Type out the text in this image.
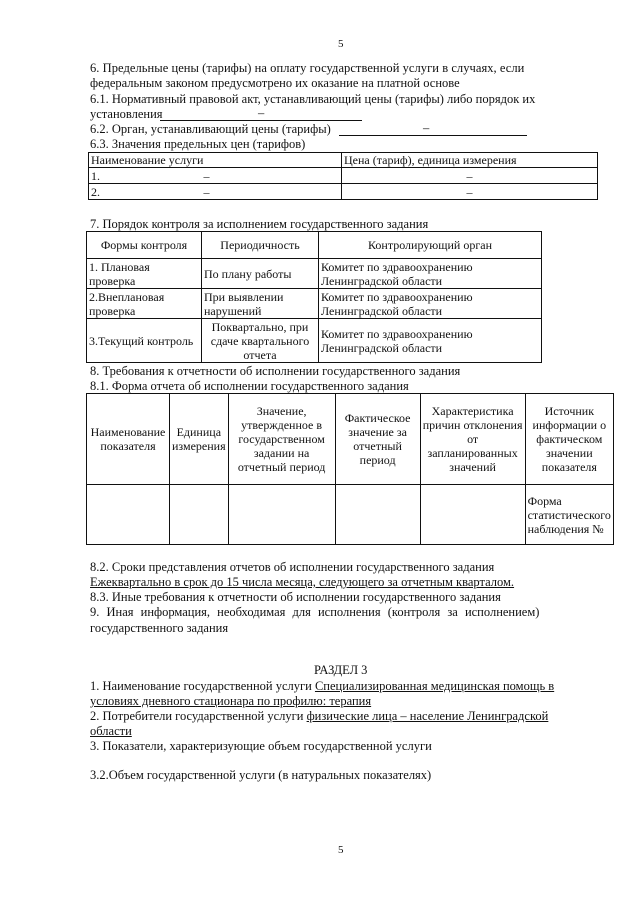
5
6. Предельные цены (тарифы) на оплату государственной услуги в случаях, если
федеральным законом предусмотрено их оказание на платной основе
6.1. Нормативный правовой акт, устанавливающий цены (тарифы) либо порядок их
установления	–
6.2. Орган, устанавливающий цены (тарифы)	–
6.3. Значения предельных цен (тарифов)
Наименование услуги	Цена (тариф), единица измерения
1. –	–
2. –	–
7. Порядок контроля за исполнением государственного задания
Формы контроля	Периодичность	Контролирующий орган
1. Плановая проверка	По плану работы	Комитет по здравоохранению Ленинградской области
2.Внеплановая проверка	При выявлении нарушений	Комитет по здравоохранению Ленинградской области
3.Текущий контроль	Поквартально, при сдаче квартального отчета	Комитет по здравоохранению Ленинградской области
8. Требования к отчетности об исполнении государственного задания
8.1. Форма отчета об исполнении государственного задания
Наименование показателя	Единица измерения	Значение, утвержденное в государственном задании на отчетный период	Фактическое значение за отчетный период	Характеристика причин отклонения от запланированных значений	Источник информации о фактическом значении показателя
					Форма статистического наблюдения №
8.2. Сроки представления отчетов об исполнении государственного задания
Ежеквартально в срок до 15 числа месяца, следующего за отчетным кварталом.
8.3. Иные требования к отчетности об исполнении государственного задания
9. Иная информация, необходимая для исполнения (контроля за исполнением)
государственного задания
РАЗДЕЛ 3
1. Наименование государственной услуги Специализированная медицинская помощь в
условиях дневного стационара по профилю: терапия
2. Потребители государственной услуги физические лица – население Ленинградской
области
3. Показатели, характеризующие объем государственной услуги
3.2.Объем государственной услуги (в натуральных показателях)
5
